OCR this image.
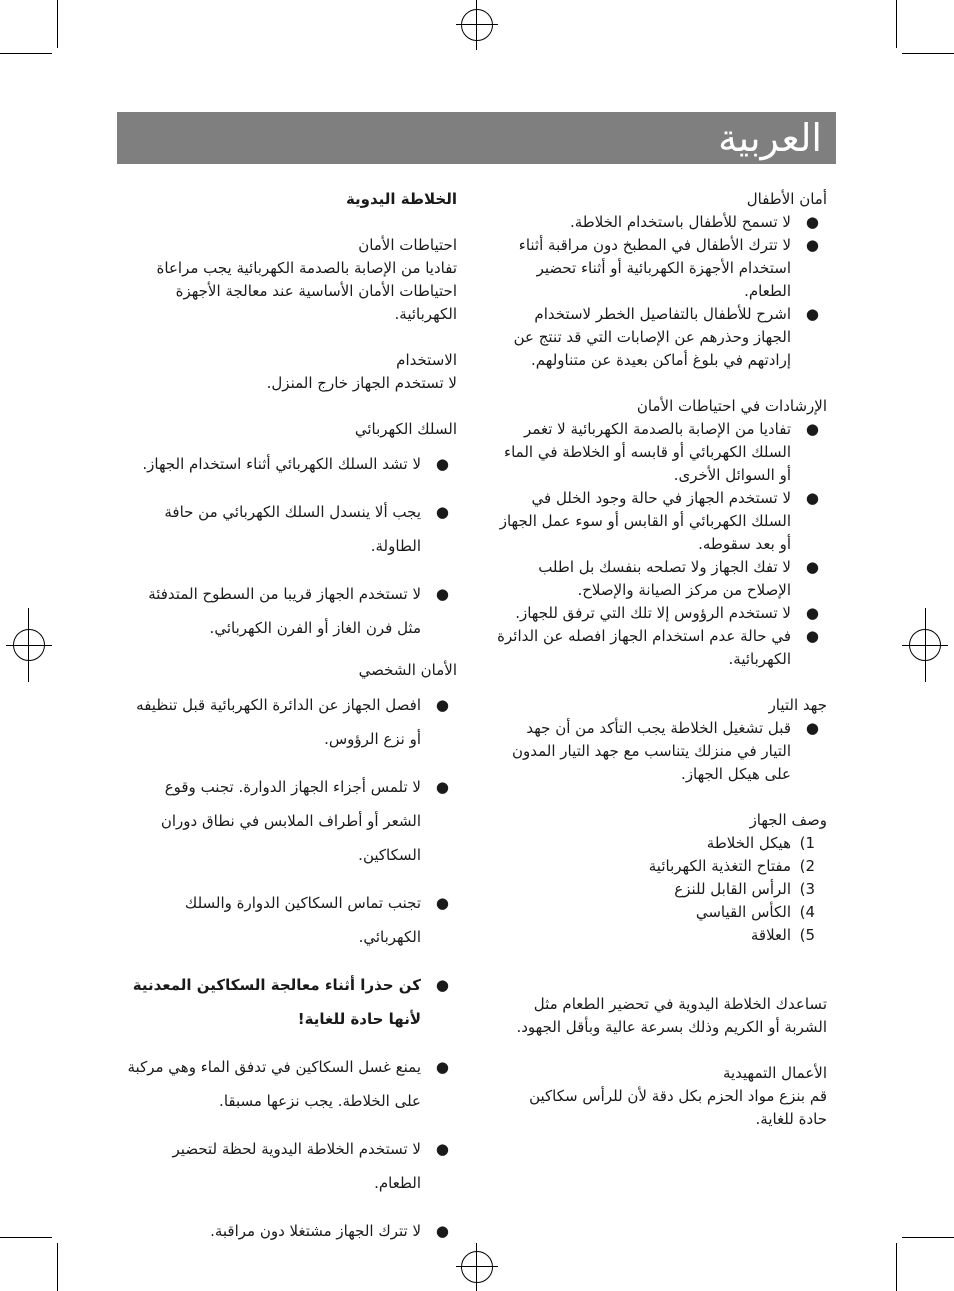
العربية
أمان الأطفال
●
لا تسمح للأطفال باستخدام الخلاطة.
●
لا تترك الأطفال في المطبخ دون مراقبة أثناء استخدام الأجهزة الكهربائية أو أثناء تحضير الطعام.
●
اشرح للأطفال بالتفاصيل الخطر لاستخدام الجهاز وحذرهم عن الإصابات التي قد تنتج عن إرادتهم في بلوغ أماكن بعيدة عن متناولهم.
الإرشادات في احتياطات الأمان
●
تفاديا من الإصابة بالصدمة الكهربائية لا تغمر السلك الكهربائي أو قابسه أو الخلاطة في الماء أو السوائل الأخرى.
●
لا تستخدم الجهاز في حالة وجود الخلل في السلك الكهربائي أو القابس أو سوء عمل الجهاز أو بعد سقوطه.
●
لا تفك الجهاز ولا تصلحه بنفسك بل اطلب الإصلاح من مركز الصيانة والإصلاح.
●
لا تستخدم الرؤوس إلا تلك التي ترفق للجهاز.
●
في حالة عدم استخدام الجهاز افصله عن الدائرة الكهربائية.
جهد التيار
●
قبل تشغيل الخلاطة يجب التأكد من أن جهد التيار في منزلك يتناسب مع جهد التيار المدون على هيكل الجهاز.
وصف الجهاز
1)
هيكل الخلاطة
2)
مفتاح التغذية الكهربائية
3)
الرأس القابل للنزع
4)
الكأس القياسي
5)
العلاقة
تساعدك الخلاطة اليدوية في تحضير الطعام مثل الشربة أو الكريم وذلك بسرعة عالية وبأقل الجهود.
الأعمال التمهيدية
قم بنزع مواد الحزم بكل دقة لأن للرأس سكاكين حادة للغاية.
الخلاطة اليدوية
احتياطات الأمان
تفاديا من الإصابة بالصدمة الكهربائية يجب مراعاة احتياطات الأمان الأساسية عند معالجة الأجهزة الكهربائية.
الاستخدام
لا تستخدم الجهاز خارج المنزل.
السلك الكهربائي
●
لا تشد السلك الكهربائي أثناء استخدام الجهاز.
●
يجب ألا ينسدل السلك الكهربائي من حافة الطاولة.
●
لا تستخدم الجهاز قريبا من السطوح المتدفئة مثل فرن الغاز أو الفرن الكهربائي.
الأمان الشخصي
●
افصل الجهاز عن الدائرة الكهربائية قبل تنظيفه أو نزع الرؤوس.
●
لا تلمس أجزاء الجهاز الدوارة. تجنب وقوع الشعر أو أطراف الملابس في نطاق دوران السكاكين.
●
تجنب تماس السكاكين الدوارة والسلك الكهربائي.
●
كن حذرا أثناء معالجة السكاكين المعدنية لأنها حادة للغاية!
●
يمنع غسل السكاكين في تدفق الماء وهي مركبة على الخلاطة. يجب نزعها مسبقا.
●
لا تستخدم الخلاطة اليدوية لحظة لتحضير الطعام.
●
لا تترك الجهاز مشتغلا دون مراقبة.
